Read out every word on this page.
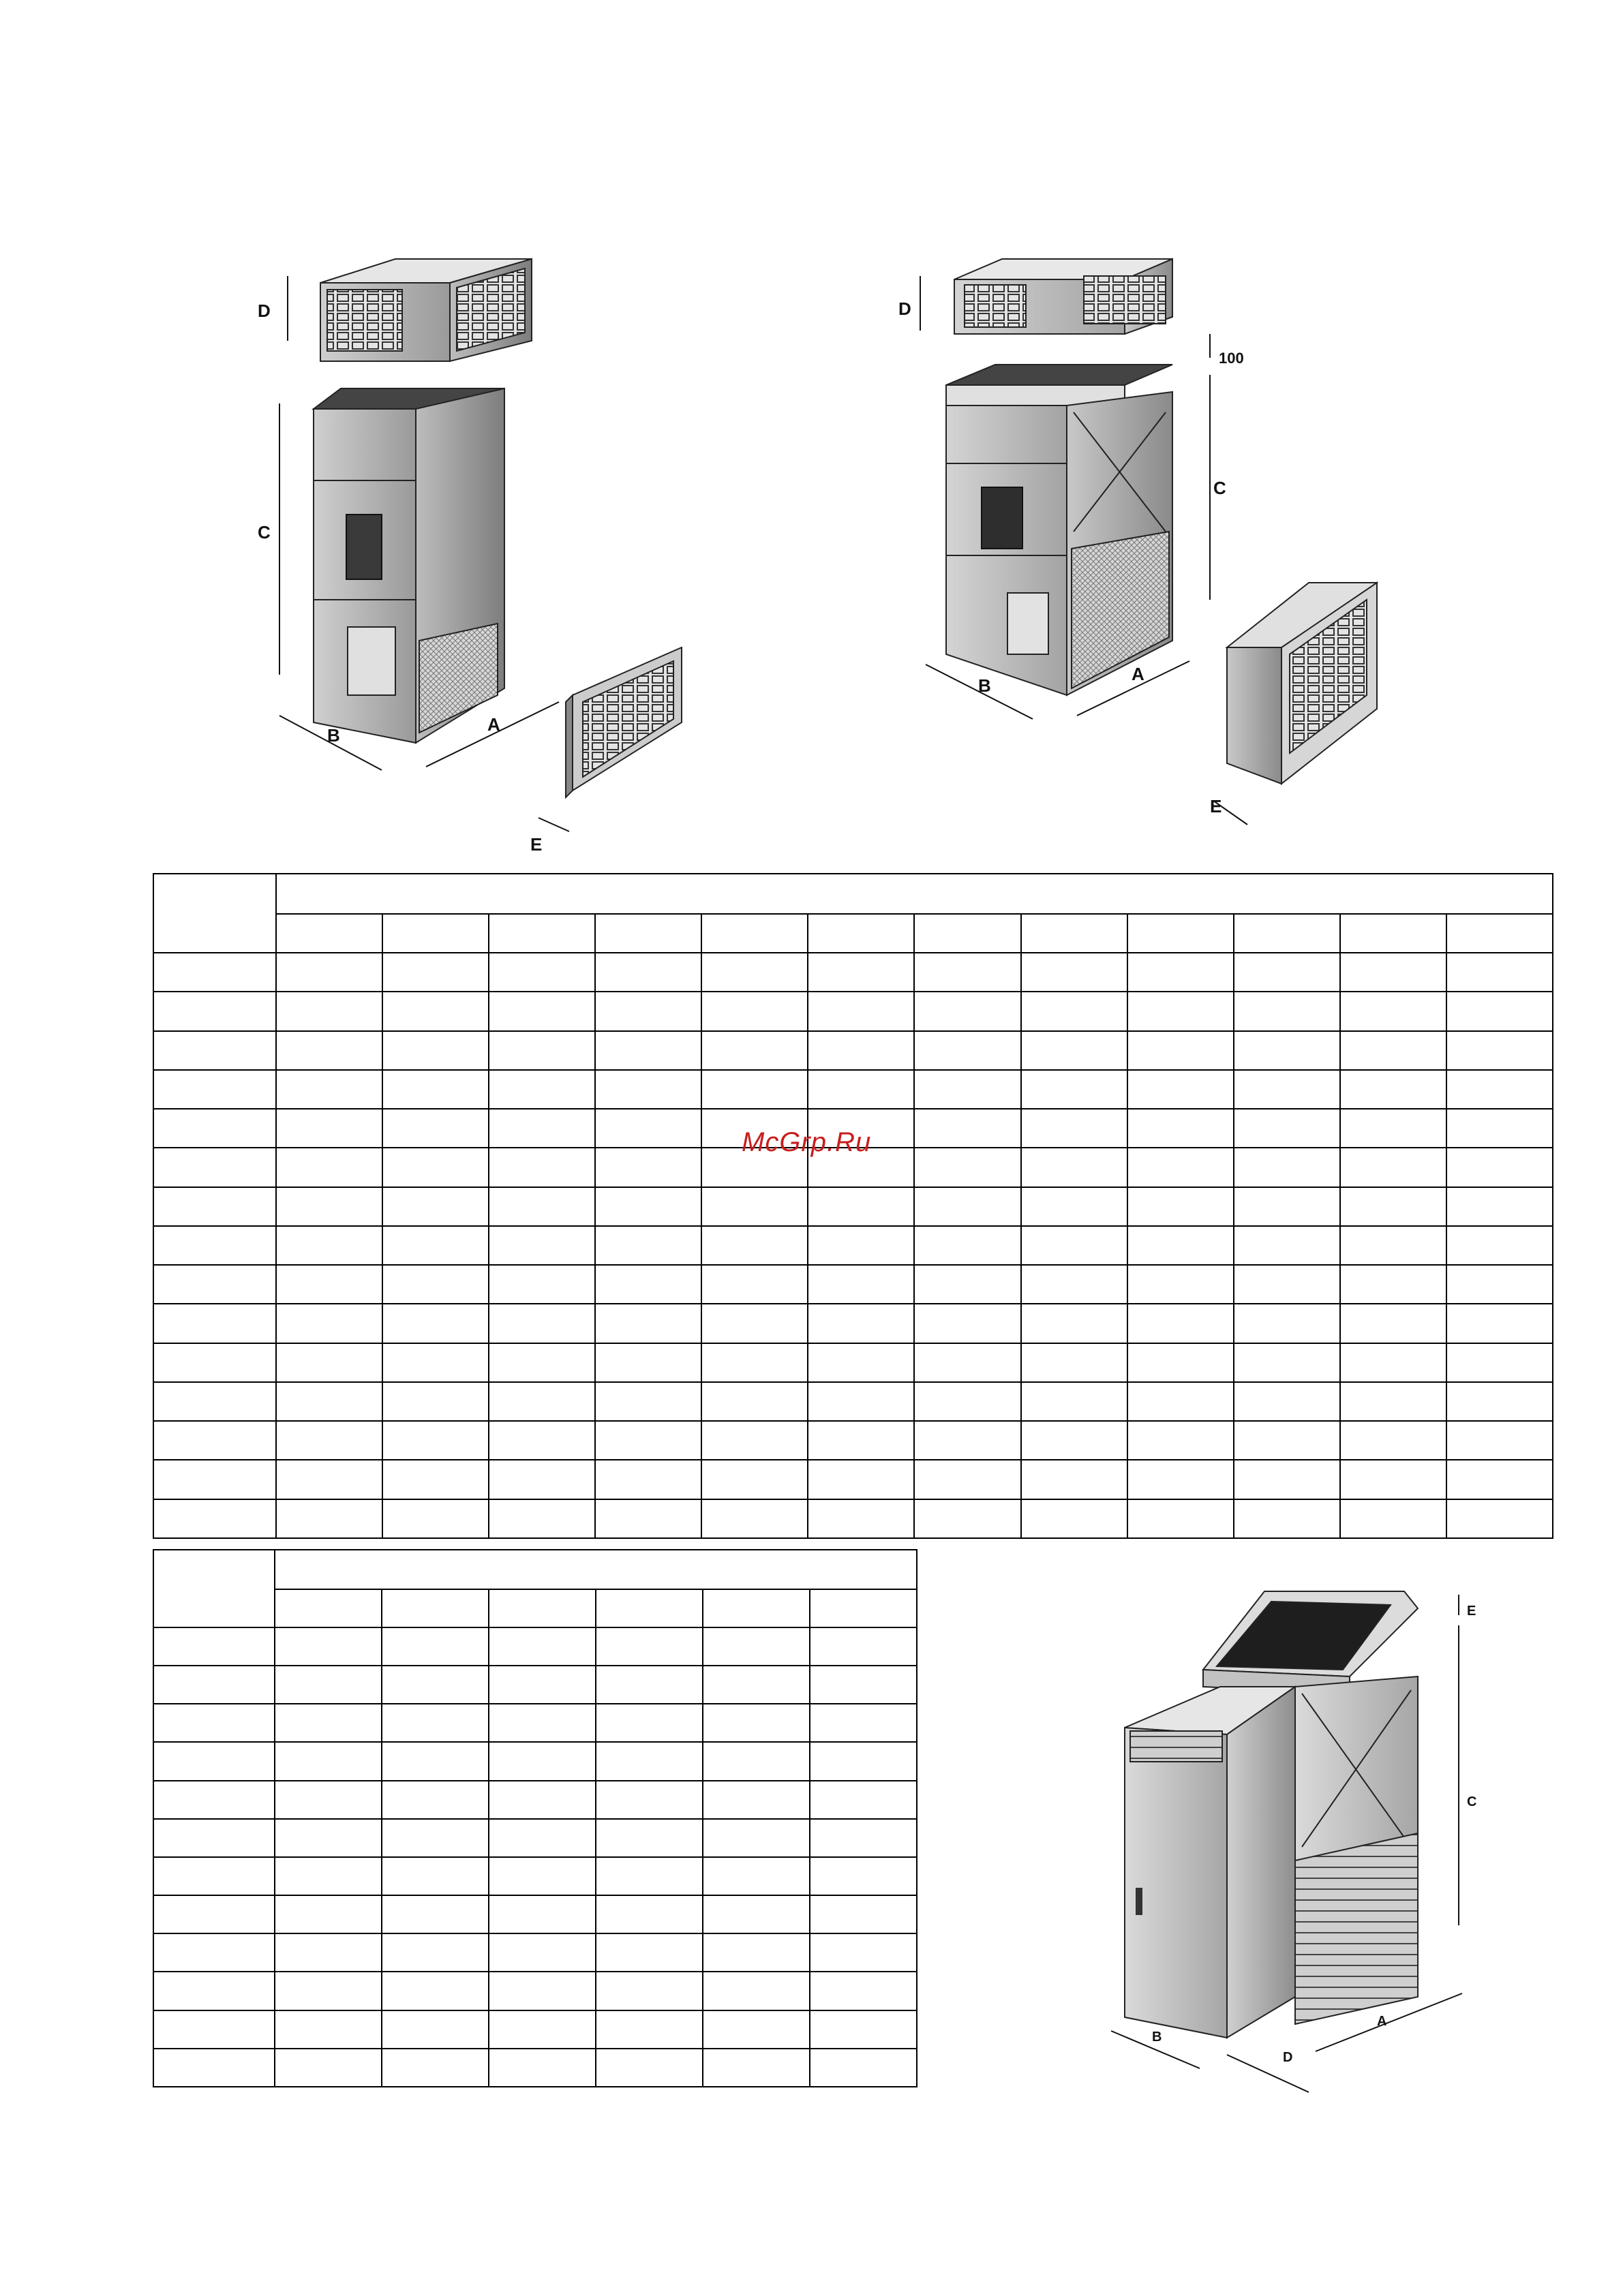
D
C
B
A
E
D
100
C
B
A
E

McGrp.Ru

E
C
B
D
A
